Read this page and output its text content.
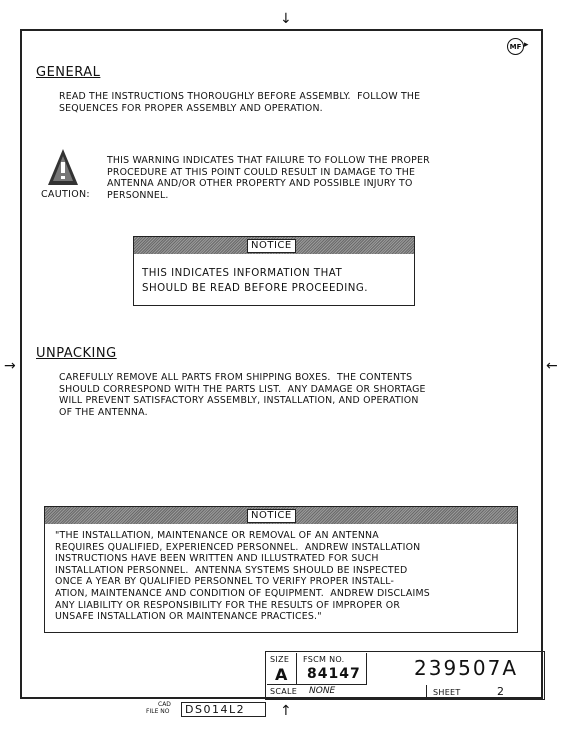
↓
→	←
↑
MF ▸
GENERAL
READ THE INSTRUCTIONS THOROUGHLY BEFORE ASSEMBLY.  FOLLOW THE
SEQUENCES FOR PROPER ASSEMBLY AND OPERATION.
CAUTION:
THIS WARNING INDICATES THAT FAILURE TO FOLLOW THE PROPER
PROCEDURE AT THIS POINT COULD RESULT IN DAMAGE TO THE
ANTENNA AND/OR OTHER PROPERTY AND POSSIBLE INJURY TO
PERSONNEL.
NOTICE
THIS INDICATES INFORMATION THAT
SHOULD BE READ BEFORE PROCEEDING.
UNPACKING
CAREFULLY REMOVE ALL PARTS FROM SHIPPING BOXES.  THE CONTENTS
SHOULD CORRESPOND WITH THE PARTS LIST.  ANY DAMAGE OR SHORTAGE
WILL PREVENT SATISFACTORY ASSEMBLY, INSTALLATION, AND OPERATION
OF THE ANTENNA.
NOTICE
"THE INSTALLATION, MAINTENANCE OR REMOVAL OF AN ANTENNA
REQUIRES QUALIFIED, EXPERIENCED PERSONNEL.  ANDREW INSTALLATION
INSTRUCTIONS HAVE BEEN WRITTEN AND ILLUSTRATED FOR SUCH
INSTALLATION PERSONNEL.  ANTENNA SYSTEMS SHOULD BE INSPECTED
ONCE A YEAR BY QUALIFIED PERSONNEL TO VERIFY PROPER INSTALL-
ATION, MAINTENANCE AND CONDITION OF EQUIPMENT.  ANDREW DISCLAIMS
ANY LIABILITY OR RESPONSIBILITY FOR THE RESULTS OF IMPROPER OR
UNSAFE INSTALLATION OR MAINTENANCE PRACTICES."
SIZE
A
FSCM NO.
84147	239507A
SCALE NONE	SHEET	2
CAD
FILE NO	DS014L2
